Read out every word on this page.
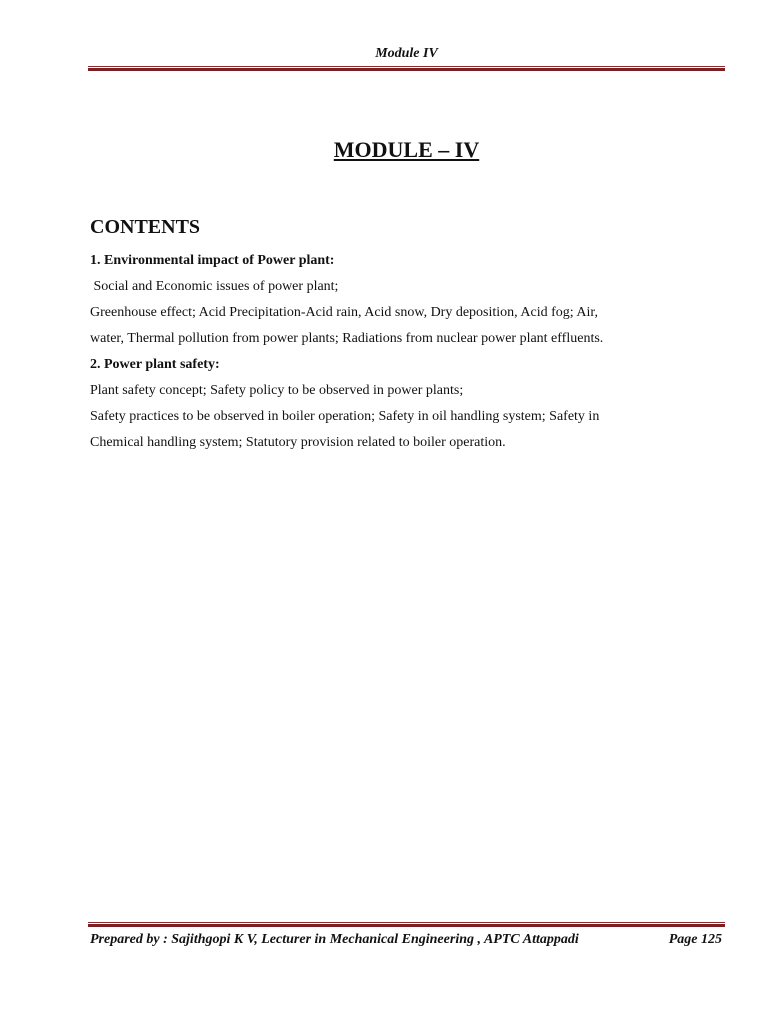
Module IV
MODULE – IV
CONTENTS
1. Environmental impact of Power plant:
Social and Economic issues of power plant;
Greenhouse effect; Acid Precipitation-Acid rain, Acid snow, Dry deposition, Acid fog; Air,
water, Thermal pollution from power plants; Radiations from nuclear power plant effluents.
2. Power plant safety:
Plant safety concept; Safety policy to be observed in power plants;
Safety practices to be observed in boiler operation; Safety in oil handling system; Safety in
Chemical handling system; Statutory provision related to boiler operation.
Prepared by : Sajithgopi K V, Lecturer in Mechanical Engineering , APTC Attappadi	Page 125
